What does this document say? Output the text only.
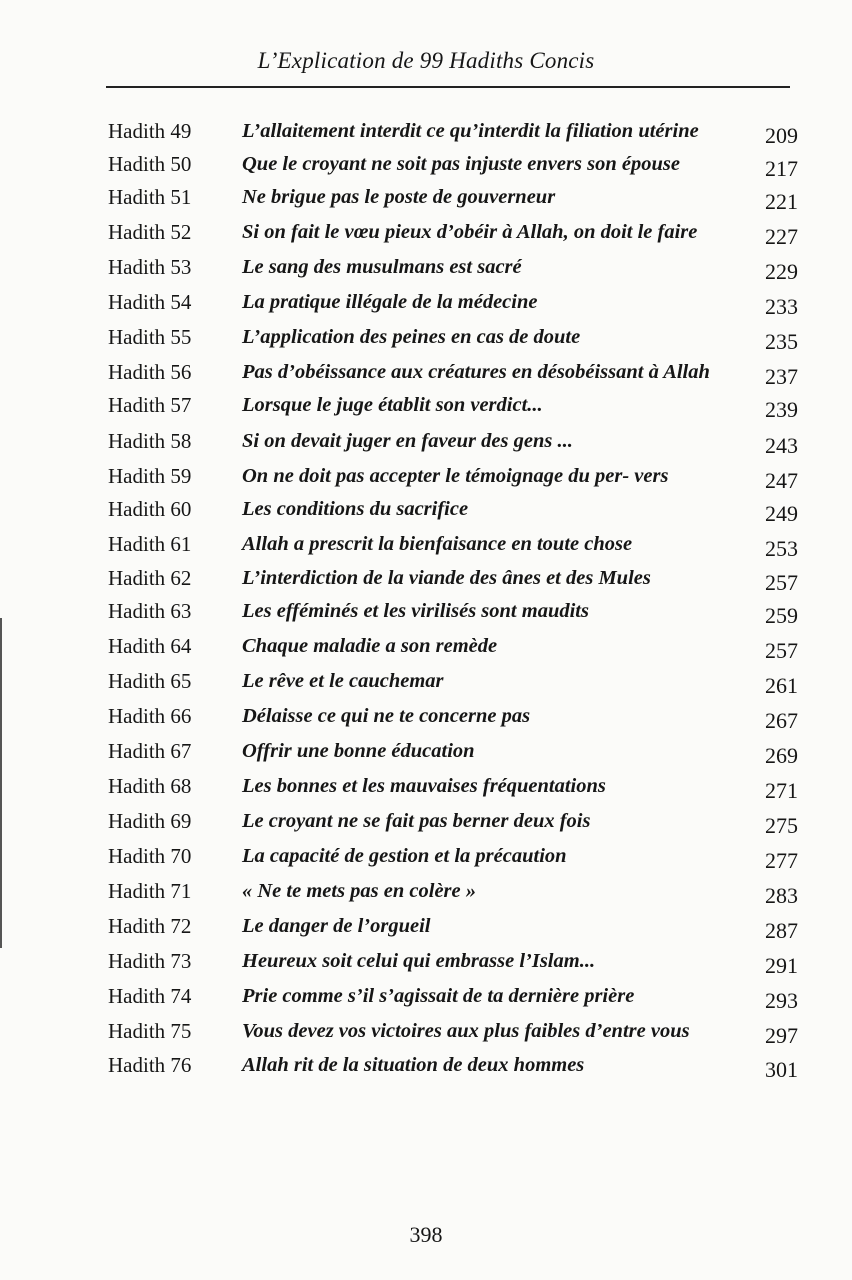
L’Explication de 99 Hadiths Concis
Hadith 49	L’allaitement interdit ce qu’interdit la filiation utérine	209
Hadith 50	Que le croyant ne soit pas injuste envers son épouse	217
Hadith 51	Ne brigue pas le poste de gouverneur	221
Hadith 52	Si on fait le vœu pieux d’obéir à Allah, on doit le faire	227
Hadith 53	Le sang des musulmans est sacré	229
Hadith 54	La pratique illégale de la médecine	233
Hadith 55	L’application des peines en cas de doute	235
Hadith 56	Pas d’obéissance aux créatures en désobéissant à Allah	237
Hadith 57	Lorsque le juge établit son verdict...	239
Hadith 58	Si on devait juger en faveur des gens ...	243
Hadith 59	On ne doit pas accepter le témoignage du per- vers	247
Hadith 60	Les conditions du sacrifice	249
Hadith 61	Allah a prescrit la bienfaisance en toute chose	253
Hadith 62	L’interdiction de la viande des ânes et des Mules	257
Hadith 63	Les efféminés et les virilisés sont maudits	259
Hadith 64	Chaque maladie a son remède	257
Hadith 65	Le rêve et le cauchemar	261
Hadith 66	Délaisse ce qui ne te concerne pas	267
Hadith 67	Offrir une bonne éducation	269
Hadith 68	Les bonnes et les mauvaises fréquentations	271
Hadith 69	Le croyant ne se fait pas berner deux fois	275
Hadith 70	La capacité de gestion et la précaution	277
Hadith 71	« Ne te mets pas en colère »	283
Hadith 72	Le danger de l’orgueil	287
Hadith 73	Heureux soit celui qui embrasse l’Islam...	291
Hadith 74	Prie comme s’il s’agissait de ta dernière prière	293
Hadith 75	Vous devez vos victoires aux plus faibles d’entre vous	297
Hadith 76	Allah rit de la situation de deux hommes	301
398
